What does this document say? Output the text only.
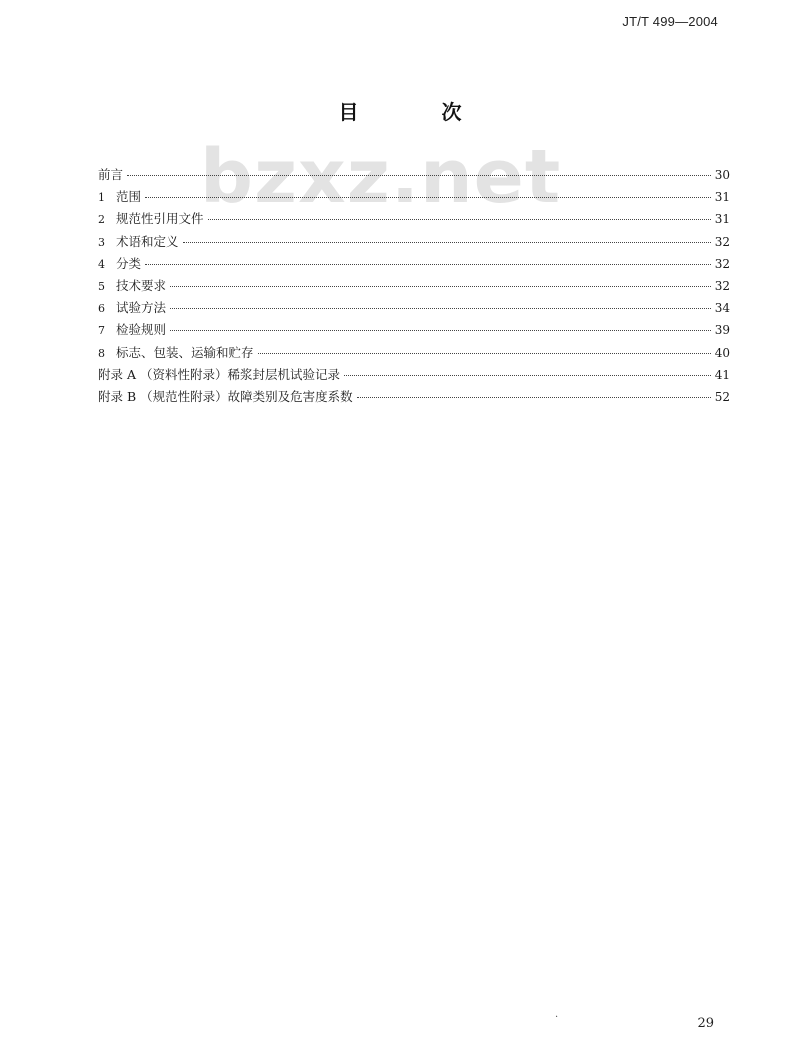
JT/T 499—2004
bzxz.net
目 次
前言	30
1 范围	31
2 规范性引用文件	31
3 术语和定义	32
4 分类	32
5 技术要求	32
6 试验方法	34
7 检验规则	39
8 标志、包装、运输和贮存	40
附录 A （资料性附录）稀浆封层机试验记录	41
附录 B （规范性附录）故障类别及危害度系数	52
·	29
